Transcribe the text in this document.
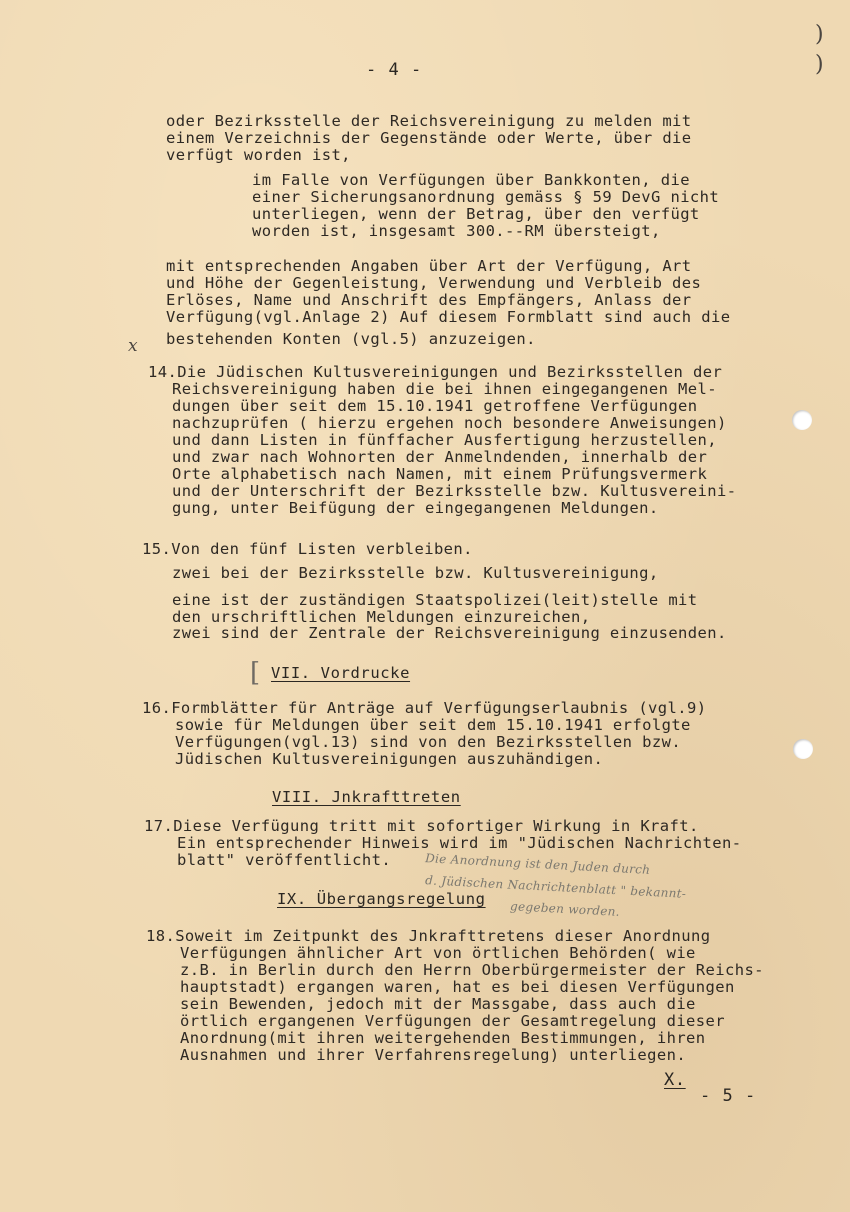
)
)
- 4 -
oder Bezirksstelle der Reichsvereinigung zu melden mit
einem Verzeichnis der Gegenstände oder Werte, über die
verfügt worden ist,
im Falle von Verfügungen über Bankkonten, die
einer Sicherungsanordnung gemäss § 59 DevG nicht
unterliegen, wenn der Betrag, über den verfügt
worden ist, insgesamt 300.--RM übersteigt,
mit entsprechenden Angaben über Art der Verfügung, Art
und Höhe der Gegenleistung, Verwendung und Verbleib des
Erlöses, Name und Anschrift des Empfängers, Anlass der
Verfügung(vgl.Anlage 2) Auf diesem Formblatt sind auch die
bestehenden Konten (vgl.5) anzuzeigen.
x
14.Die Jüdischen Kultusvereinigungen und Bezirksstellen der
Reichsvereinigung haben die bei ihnen eingegangenen Mel-
dungen über seit dem 15.10.1941 getroffene Verfügungen
nachzuprüfen ( hierzu ergehen noch besondere Anweisungen)
und dann Listen in fünffacher Ausfertigung herzustellen,
und zwar nach Wohnorten der Anmelndenden, innerhalb der
Orte alphabetisch nach Namen, mit einem Prüfungsvermerk
und der Unterschrift der Bezirksstelle bzw. Kultusvereini-
gung, unter Beifügung der eingegangenen Meldungen.
15.Von den fünf Listen verbleiben.
zwei bei der Bezirksstelle bzw. Kultusvereinigung,
eine ist der zuständigen Staatspolizei(leit)stelle mit
den urschriftlichen Meldungen einzureichen,
zwei sind der Zentrale der Reichsvereinigung einzusenden.
[ VII. Vordrucke
16.Formblätter für Anträge auf Verfügungserlaubnis (vgl.9)
sowie für Meldungen über seit dem 15.10.1941 erfolgte
Verfügungen(vgl.13) sind von den Bezirksstellen bzw.
Jüdischen Kultusvereinigungen auszuhändigen.
VIII. Jnkrafttreten
17.Diese Verfügung tritt mit sofortiger Wirkung in Kraft.
Ein entsprechender Hinweis wird im "Jüdischen Nachrichten-
blatt" veröffentlicht.	Die Anordnung ist den Juden durch
d. Jüdischen Nachrichtenblatt " bekannt-
gegeben worden.
IX. Übergangsregelung
18.Soweit im Zeitpunkt des Jnkrafttretens dieser Anordnung
Verfügungen ähnlicher Art von örtlichen Behörden( wie
z.B. in Berlin durch den Herrn Oberbürgermeister der Reichs-
hauptstadt) ergangen waren, hat es bei diesen Verfügungen
sein Bewenden, jedoch mit der Massgabe, dass auch die
örtlich ergangenen Verfügungen der Gesamtregelung dieser
Anordnung(mit ihren weitergehenden Bestimmungen, ihren
Ausnahmen und ihrer Verfahrensregelung) unterliegen.
X.
- 5 -
